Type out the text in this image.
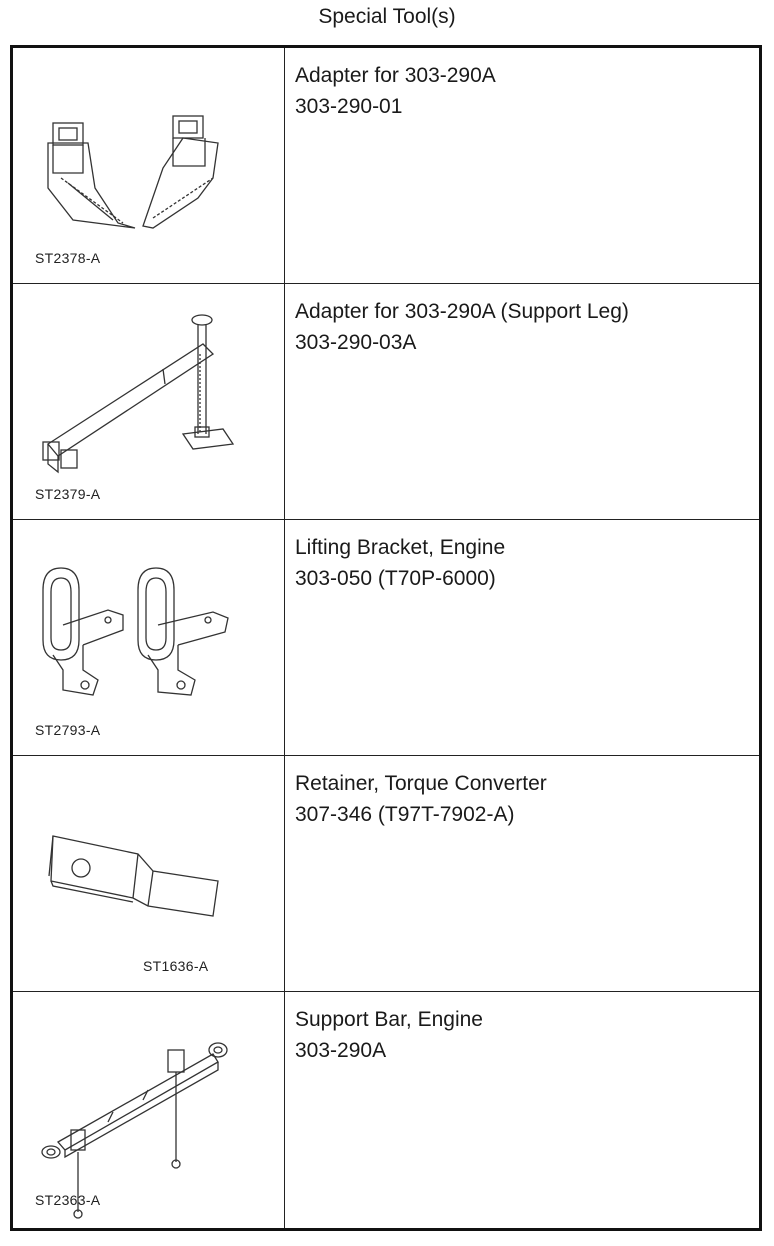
Special Tool(s)
ST2378-A
Adapter for 303-290A
303-290-01
ST2379-A
Adapter for 303-290A (Support Leg)
303-290-03A
ST2793-A
Lifting Bracket, Engine
303-050 (T70P-6000)
ST1636-A
Retainer, Torque Converter
307-346 (T97T-7902-A)
ST2363-A
Support Bar, Engine
303-290A
